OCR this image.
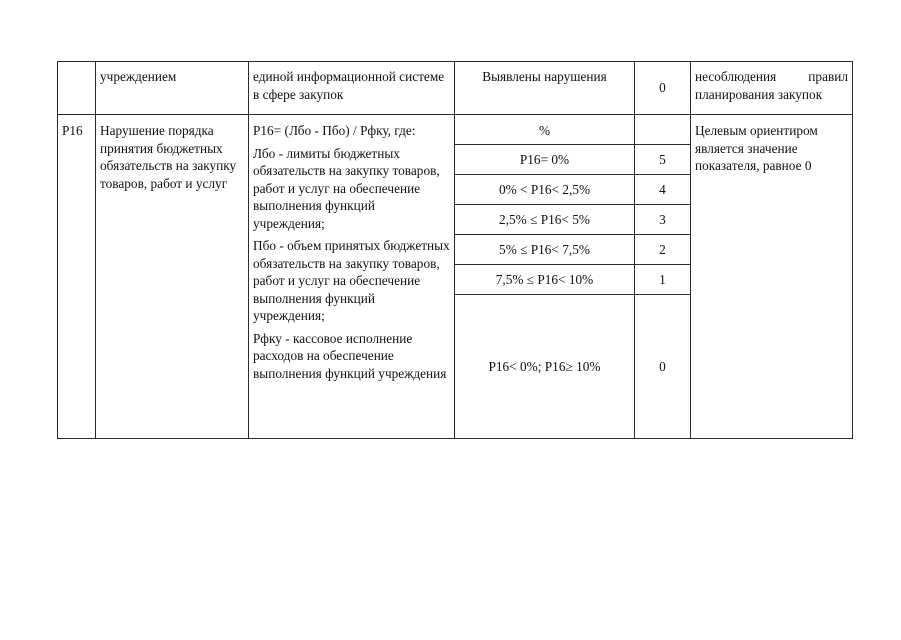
	учреждением	единой информационной системе в сфере закупок	Выявлены нарушения	0	несоблюдения правил
планирования закупок

Р16	Нарушение порядка принятия бюджетных обязательств на закупку товаров, работ и услуг	Р16= (Лбо - Пбо) / Рфку, где:

Лбо - лимиты бюджетных обязательств на закупку товаров, работ и услуг на обеспечение выполнения функций учреждения;

Пбо - объем принятых бюджетных обязательств на закупку товаров, работ и услуг на обеспечение выполнения функций учреждения;

Рфку - кассовое исполнение расходов на обеспечение выполнения функций учреждения	%		Целевым ориентиром является значение показателя, равное 0
			Р16= 0%	5	
			0% < Р16< 2,5%	4	
			2,5% ≤ Р16< 5%	3	
			5% ≤ Р16< 7,5%	2	
			7,5% ≤ Р16< 10%	1	
			Р16< 0%; Р16≥ 10%	0	
